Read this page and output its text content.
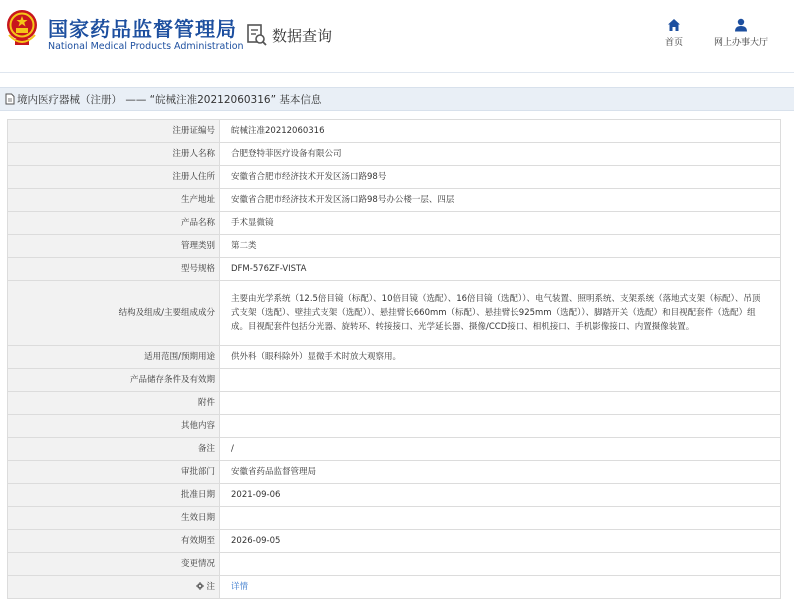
国家药品监督管理局
National Medical Products Administration
数据查询	首页	网上办事大厅
境内医疗器械（注册） —— “皖械注准20212060316” 基本信息
注册证编号	皖械注准20212060316
注册人名称	合肥登特菲医疗设备有限公司
注册人住所	安徽省合肥市经济技术开发区汤口路98号
生产地址	安徽省合肥市经济技术开发区汤口路98号办公楼一层、四层
产品名称	手术显微镜
管理类别	第二类
型号规格	DFM-576ZF-VISTA
结构及组成/主要组成成分	主要由光学系统（12.5倍目镜（标配）、10倍目镜（选配）、16倍目镜（选配））、电气装置、照明系统、支架系统（落地式支架（标配）、吊顶式支架（选配）、壁挂式支架（选配））、悬挂臂长660mm（标配）、悬挂臂长925mm（选配））、脚踏开关（选配）和目视配套件（选配）组成。目视配套件包括分光器、旋转环、转接接口、光学延长器、摄像/CCD接口、相机接口、手机影像接口、内置摄像装置。
适用范围/预期用途	供外科（眼科除外）显微手术时放大观察用。
产品储存条件及有效期	
附件	
其他内容	
备注	/
审批部门	安徽省药品监督管理局
批准日期	2021-09-06
生效日期	
有效期至	2026-09-05
变更情况	
注	详情
